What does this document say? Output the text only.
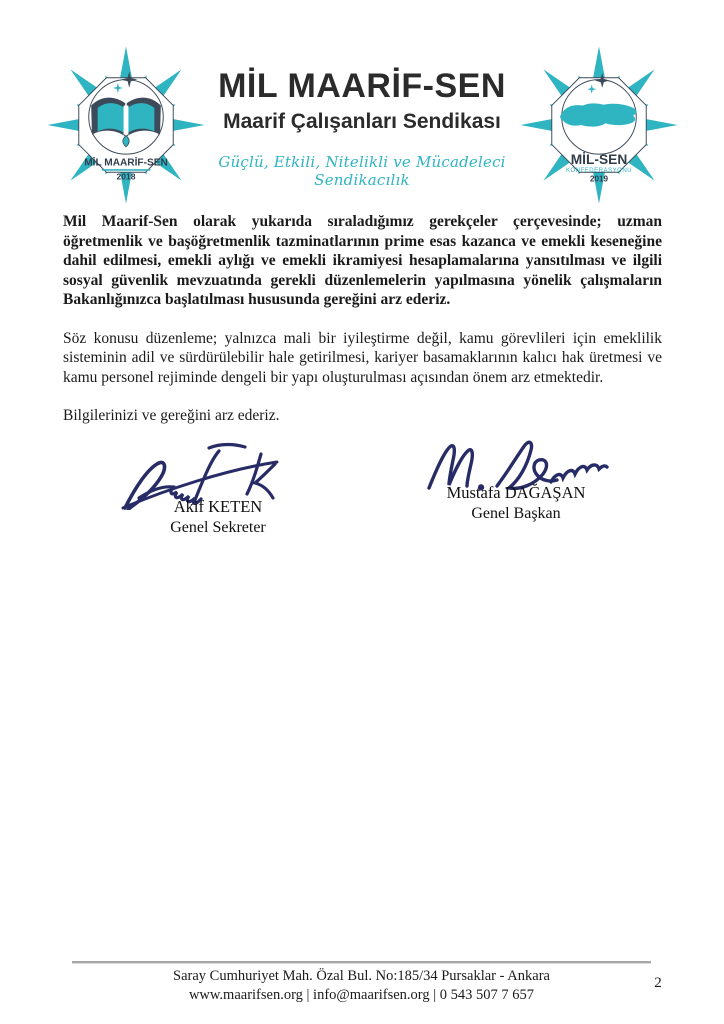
MİL MAARİF-SEN
2018
MİL MAARİF-SEN
Maarif Çalışanları Sendikası
Güçlü, Etkili, Nitelikli ve Mücadeleci Sendikacılık
MİL-SEN
KONFEDERASYONU
2019

Mil Maarif-Sen olarak yukarıda sıraladığımız gerekçeler çerçevesinde; uzman öğretmenlik ve başöğretmenlik tazminatlarının prime esas kazanca ve emekli keseneğine dahil edilmesi, emekli aylığı ve emekli ikramiyesi hesaplamalarına yansıtılması ve ilgili sosyal güvenlik mevzuatında gerekli düzenlemelerin yapılmasına yönelik çalışmaların Bakanlığınızca başlatılması hususunda gereğini arz ederiz.

Söz konusu düzenleme; yalnızca mali bir iyileştirme değil, kamu görevlileri için emeklilik sisteminin adil ve sürdürülebilir hale getirilmesi, kariyer basamaklarının kalıcı hak üretmesi ve kamu personel rejiminde dengeli bir yapı oluşturulması açısından önem arz etmektedir.

Bilgilerinizi ve gereğini arz ederiz.

Akif KETEN
Genel Sekreter
Mustafa DAĞAŞAN
Genel Başkan
Saray Cumhuriyet Mah. Özal Bul. No:185/34 Pursaklar - Ankara
www.maarifsen.org | info@maarifsen.org | 0 543 507 7 657
2
